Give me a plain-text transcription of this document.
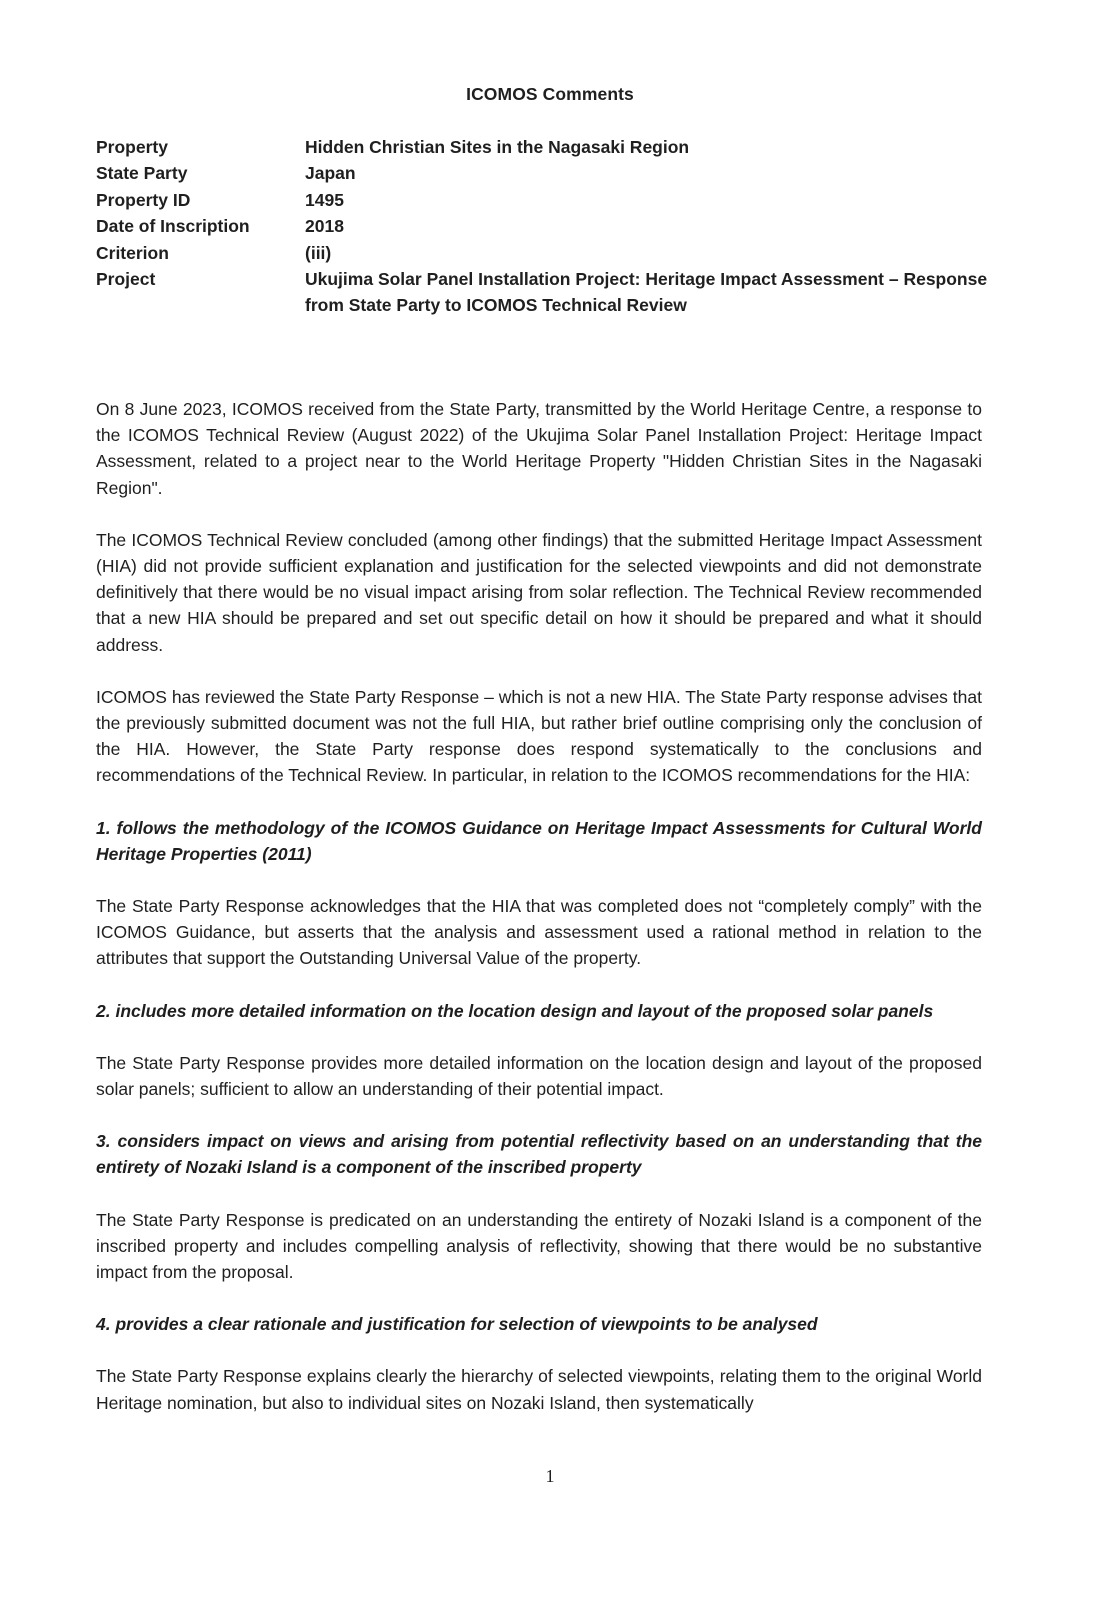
ICOMOS Comments
Property	Hidden Christian Sites in the Nagasaki Region
State Party	Japan
Property ID	1495
Date of Inscription	2018
Criterion	(iii)
Project	Ukujima Solar Panel Installation Project: Heritage Impact Assessment – Response from State Party to ICOMOS Technical Review

On 8 June 2023, ICOMOS received from the State Party, transmitted by the World Heritage Centre, a response to the ICOMOS Technical Review (August 2022) of the Ukujima Solar Panel Installation Project: Heritage Impact Assessment, related to a project near to the World Heritage Property "Hidden Christian Sites in the Nagasaki Region".

The ICOMOS Technical Review concluded (among other findings) that the submitted Heritage Impact Assessment (HIA) did not provide sufficient explanation and justification for the selected viewpoints and did not demonstrate definitively that there would be no visual impact arising from solar reflection. The Technical Review recommended that a new HIA should be prepared and set out specific detail on how it should be prepared and what it should address.

ICOMOS has reviewed the State Party Response – which is not a new HIA. The State Party response advises that the previously submitted document was not the full HIA, but rather brief outline comprising only the conclusion of the HIA. However, the State Party response does respond systematically to the conclusions and recommendations of the Technical Review. In particular, in relation to the ICOMOS recommendations for the HIA:

1. follows the methodology of the ICOMOS Guidance on Heritage Impact Assessments for Cultural World Heritage Properties (2011)

The State Party Response acknowledges that the HIA that was completed does not “completely comply” with the ICOMOS Guidance, but asserts that the analysis and assessment used a rational method in relation to the attributes that support the Outstanding Universal Value of the property.

2. includes more detailed information on the location design and layout of the proposed solar panels

The State Party Response provides more detailed information on the location design and layout of the proposed solar panels; sufficient to allow an understanding of their potential impact.

3. considers impact on views and arising from potential reflectivity based on an understanding that the entirety of Nozaki Island is a component of the inscribed property

The State Party Response is predicated on an understanding the entirety of Nozaki Island is a component of the inscribed property and includes compelling analysis of reflectivity, showing that there would be no substantive impact from the proposal.

4. provides a clear rationale and justification for selection of viewpoints to be analysed

The State Party Response explains clearly the hierarchy of selected viewpoints, relating them to the original World Heritage nomination, but also to individual sites on Nozaki Island, then systematically

1
